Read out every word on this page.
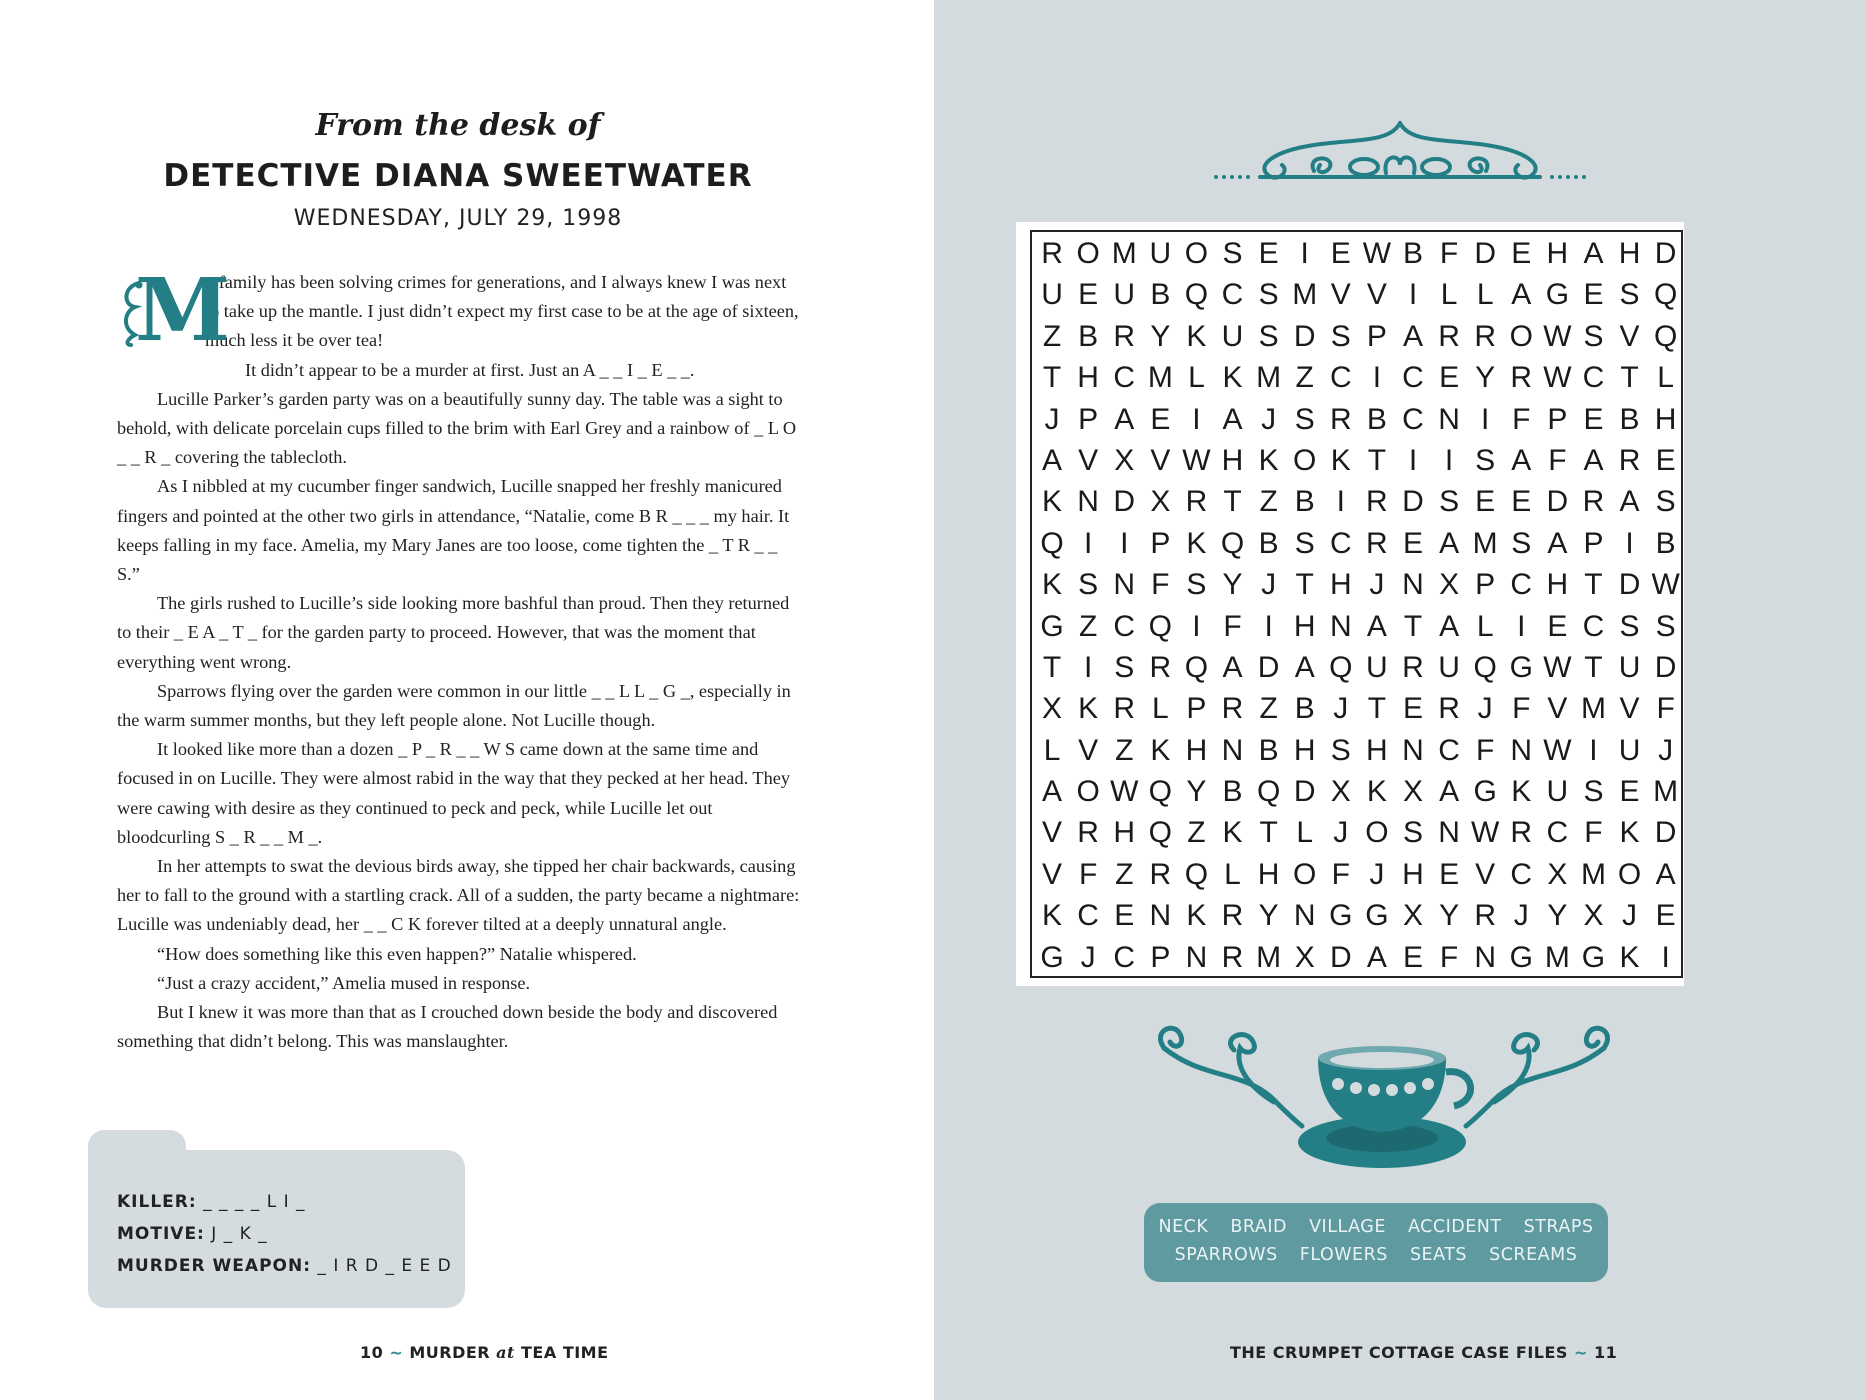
From the desk of
DETECTIVE DIANA SWEETWATER
WEDNESDAY, JULY 29, 1998
M

y family has been solving crimes for generations, and I always knew I was next to take up the mantle. I just didn’t expect my first case to be at the age of sixteen, much less it be over tea!

It didn’t appear to be a murder at first. Just an A _ _ I _ E _ _.

Lucille Parker’s garden party was on a beautifully sunny day. The table was a sight to behold, with delicate porcelain cups filled to the brim with Earl Grey and a rainbow of _ L O _ _ R _ covering the tablecloth.

As I nibbled at my cucumber finger sandwich, Lucille snapped her freshly manicured fingers and pointed at the other two girls in attendance, “Natalie, come B R _ _ _ my hair. It keeps falling in my face. Amelia, my Mary Janes are too loose, come tighten the _ T R _ _ S.”

The girls rushed to Lucille’s side looking more bashful than proud. Then they returned to their _ E A _ T _ for the garden party to proceed. However, that was the moment that everything went wrong.

Sparrows flying over the garden were common in our little _ _ L L _ G _, especially in the warm summer months, but they left people alone. Not Lucille though.

It looked like more than a dozen _ P _ R _ _ W S came down at the same time and focused in on Lucille. They were almost rabid in the way that they pecked at her head. They were cawing with desire as they continued to peck and peck, while Lucille let out bloodcurling S _ R _ _ M _.

In her attempts to swat the devious birds away, she tipped her chair backwards, causing her to fall to the ground with a startling crack. All of a sudden, the party became a nightmare: Lucille was undeniably dead, her _ _ C K forever tilted at a deeply unnatural angle.

“How does something like this even happen?” Natalie whispered.

“Just a crazy accident,” Amelia mused in response.

But I knew it was more than that as I crouched down beside the body and discovered something that didn’t belong. This was manslaughter.

KILLER: _ _ _ _ L I _
MOTIVE: J _ K _
MURDER WEAPON: _ I R D _ E E D
10 ~ MURDER at TEA TIME
R O M U O S E I E W B F D E H A H D
U E U B Q C S M V V I L L A G E S Q
Z B R Y K U S D S P A R R O W S V Q
T H C M L K M Z C I C E Y R W C T L
J P A E I A J S R B C N I F P E B H
A V X V W H K O K T I I S A F A R E
K N D X R T Z B I R D S E E D R A S
Q I I P K Q B S C R E A M S A P I B
K S N F S Y J T H J N X P C H T D W
G Z C Q I F I H N A T A L I E C S S
T I S R Q A D A Q U R U Q G W T U D
X K R L P R Z B J T E R J F V M V F
L V Z K H N B H S H N C F N W I U J
A O W Q Y B Q D X K X A G K U S E M
V R H Q Z K T L J O S N W R C F K D
V F Z R Q L H O F J H E V C X M O A
K C E N K R Y N G G X Y R J Y X J E
G J C P N R M X D A E F N G M G K I
NECK BRAID VILLAGE ACCIDENT STRAPS
SPARROWS FLOWERS SEATS SCREAMS
THE CRUMPET COTTAGE CASE FILES ~ 11
